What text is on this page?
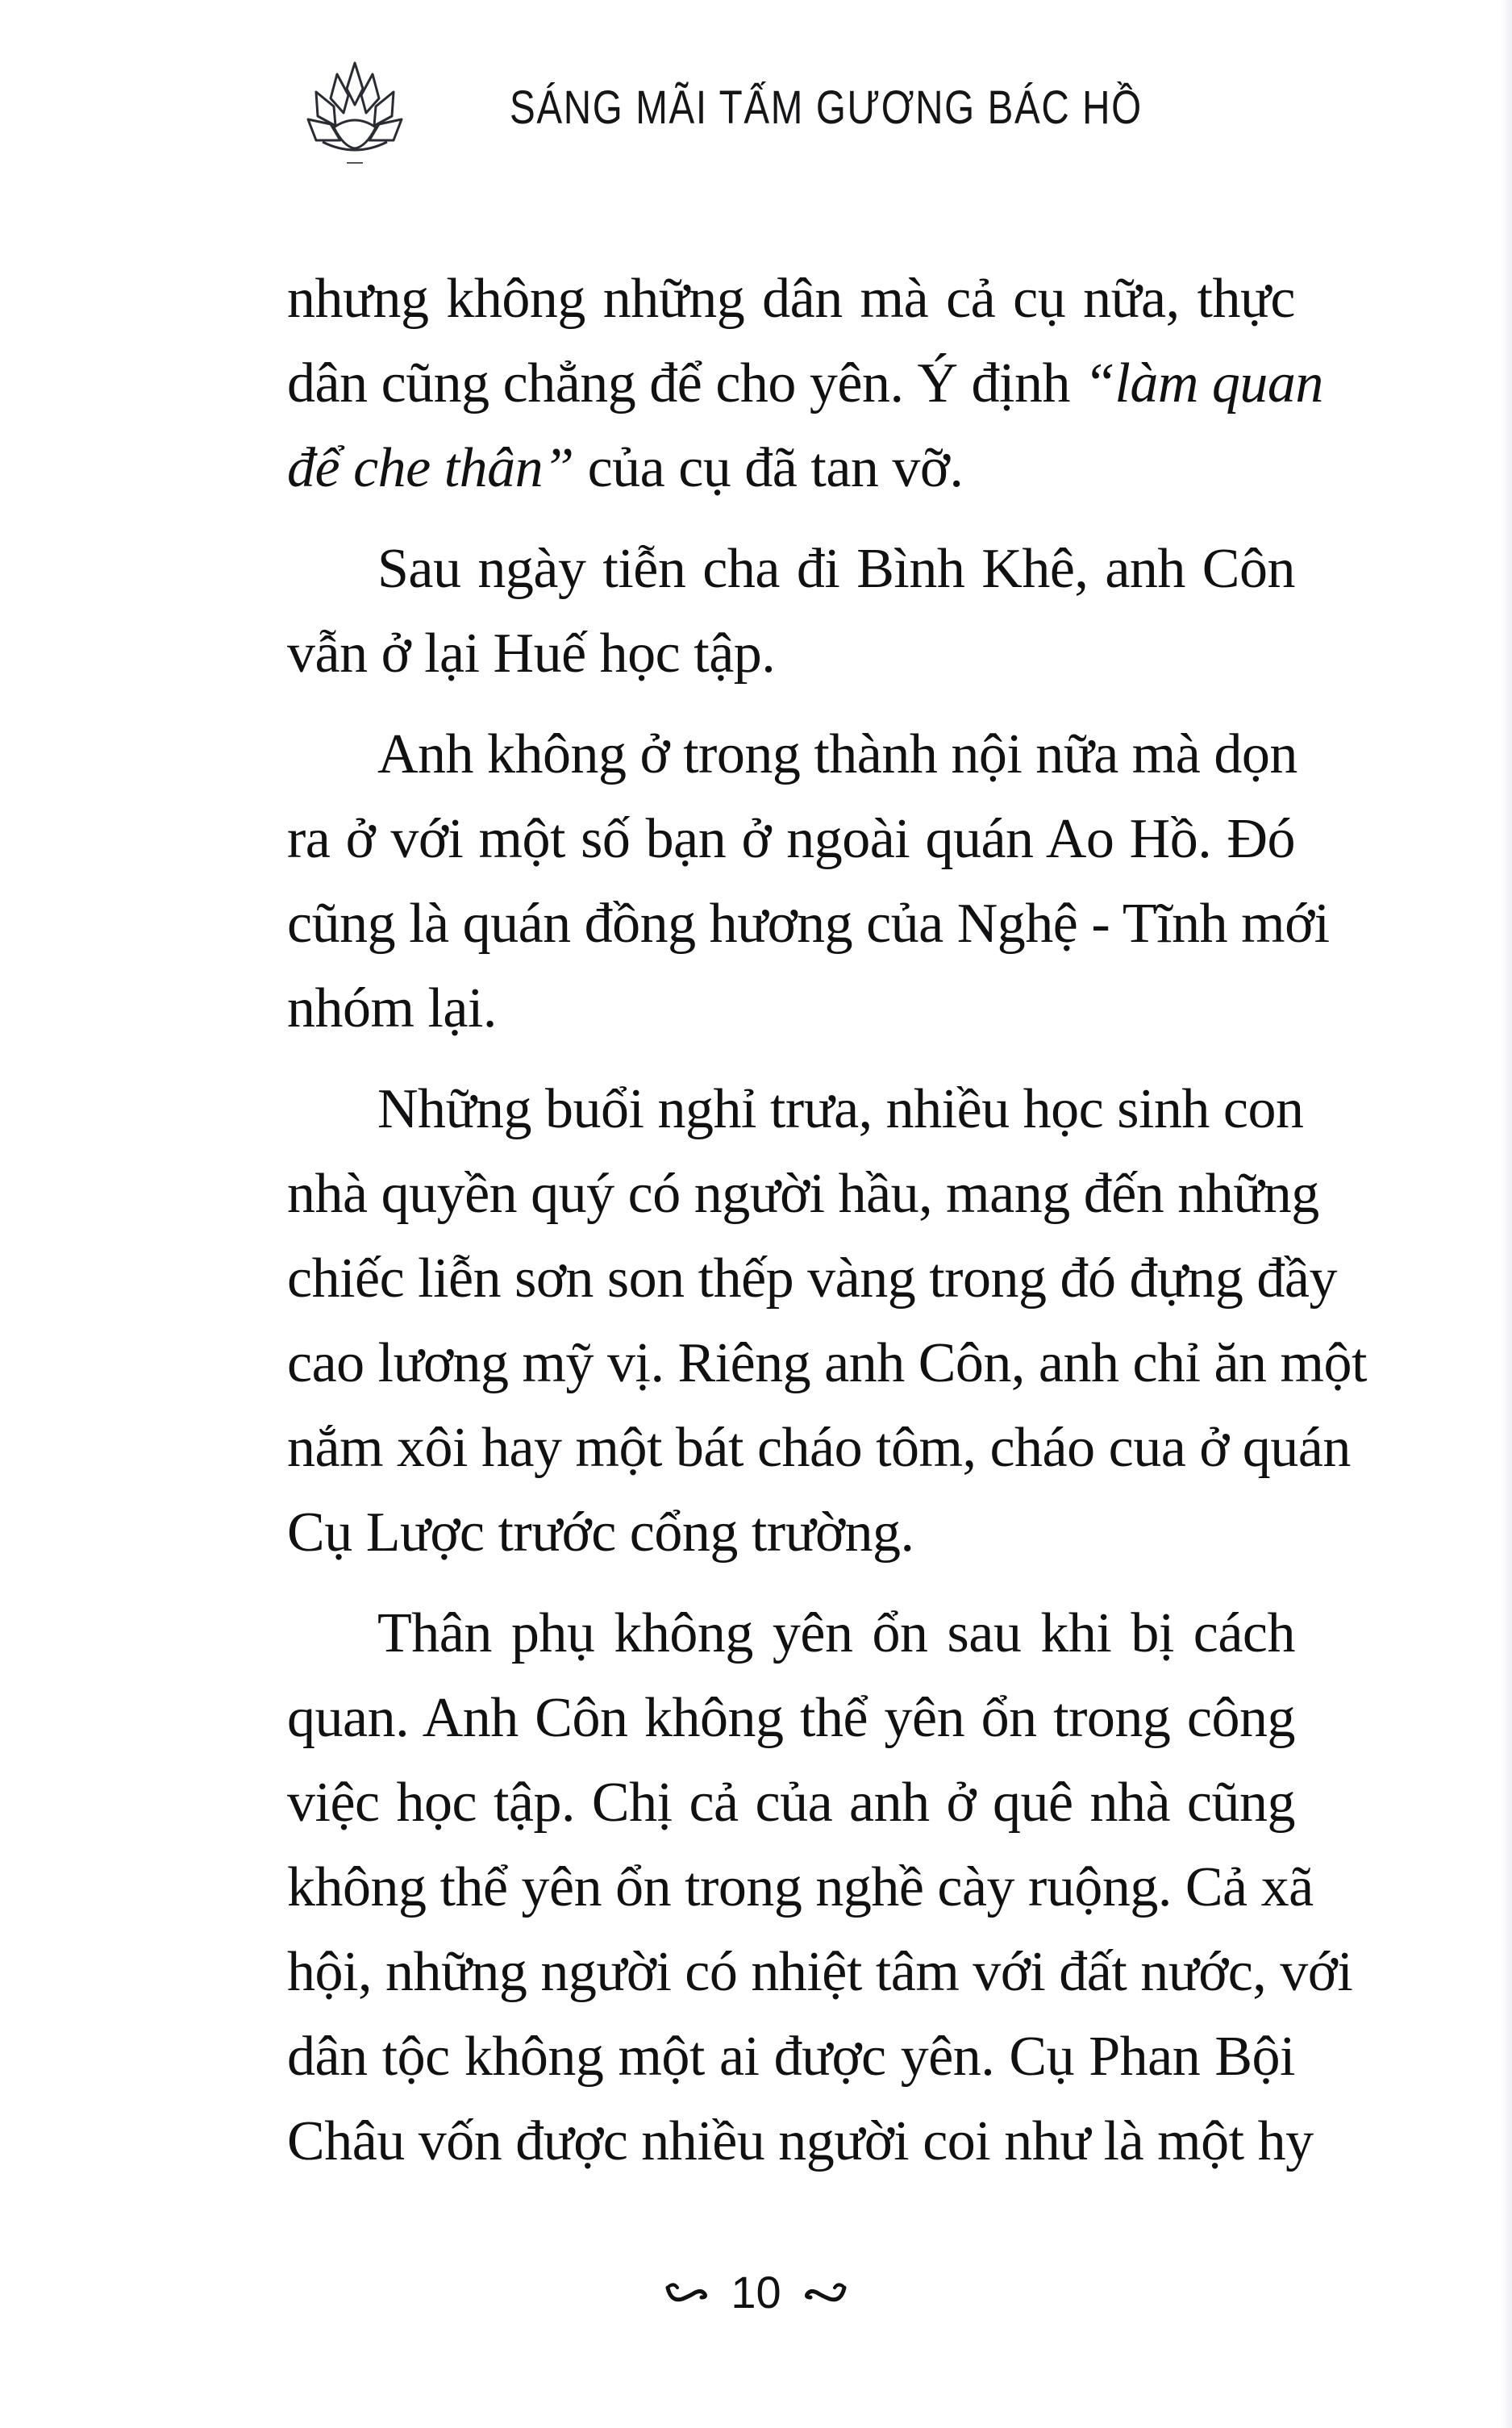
SÁNG MÃI TẤM GƯƠNG BÁC HỒ
nhưng không những dân mà cả cụ nữa, thực
dân cũng chẳng để cho yên. Ý định “làm quan
để che thân” của cụ đã tan vỡ.
Sau ngày tiễn cha đi Bình Khê, anh Côn
vẫn ở lại Huế học tập.
Anh không ở trong thành nội nữa mà dọn
ra ở với một số bạn ở ngoài quán Ao Hồ. Đó
cũng là quán đồng hương của Nghệ - Tĩnh mới
nhóm lại.
Những buổi nghỉ trưa, nhiều học sinh con
nhà quyền quý có người hầu, mang đến những
chiếc liễn sơn son thếp vàng trong đó đựng đầy
cao lương mỹ vị. Riêng anh Côn, anh chỉ ăn một
nắm xôi hay một bát cháo tôm, cháo cua ở quán
Cụ Lược trước cổng trường.
Thân phụ không yên ổn sau khi bị cách
quan. Anh Côn không thể yên ổn trong công
việc học tập. Chị cả của anh ở quê nhà cũng
không thể yên ổn trong nghề cày ruộng. Cả xã
hội, những người có nhiệt tâm với đất nước, với
dân tộc không một ai được yên. Cụ Phan Bội
Châu vốn được nhiều người coi như là một hy
10
